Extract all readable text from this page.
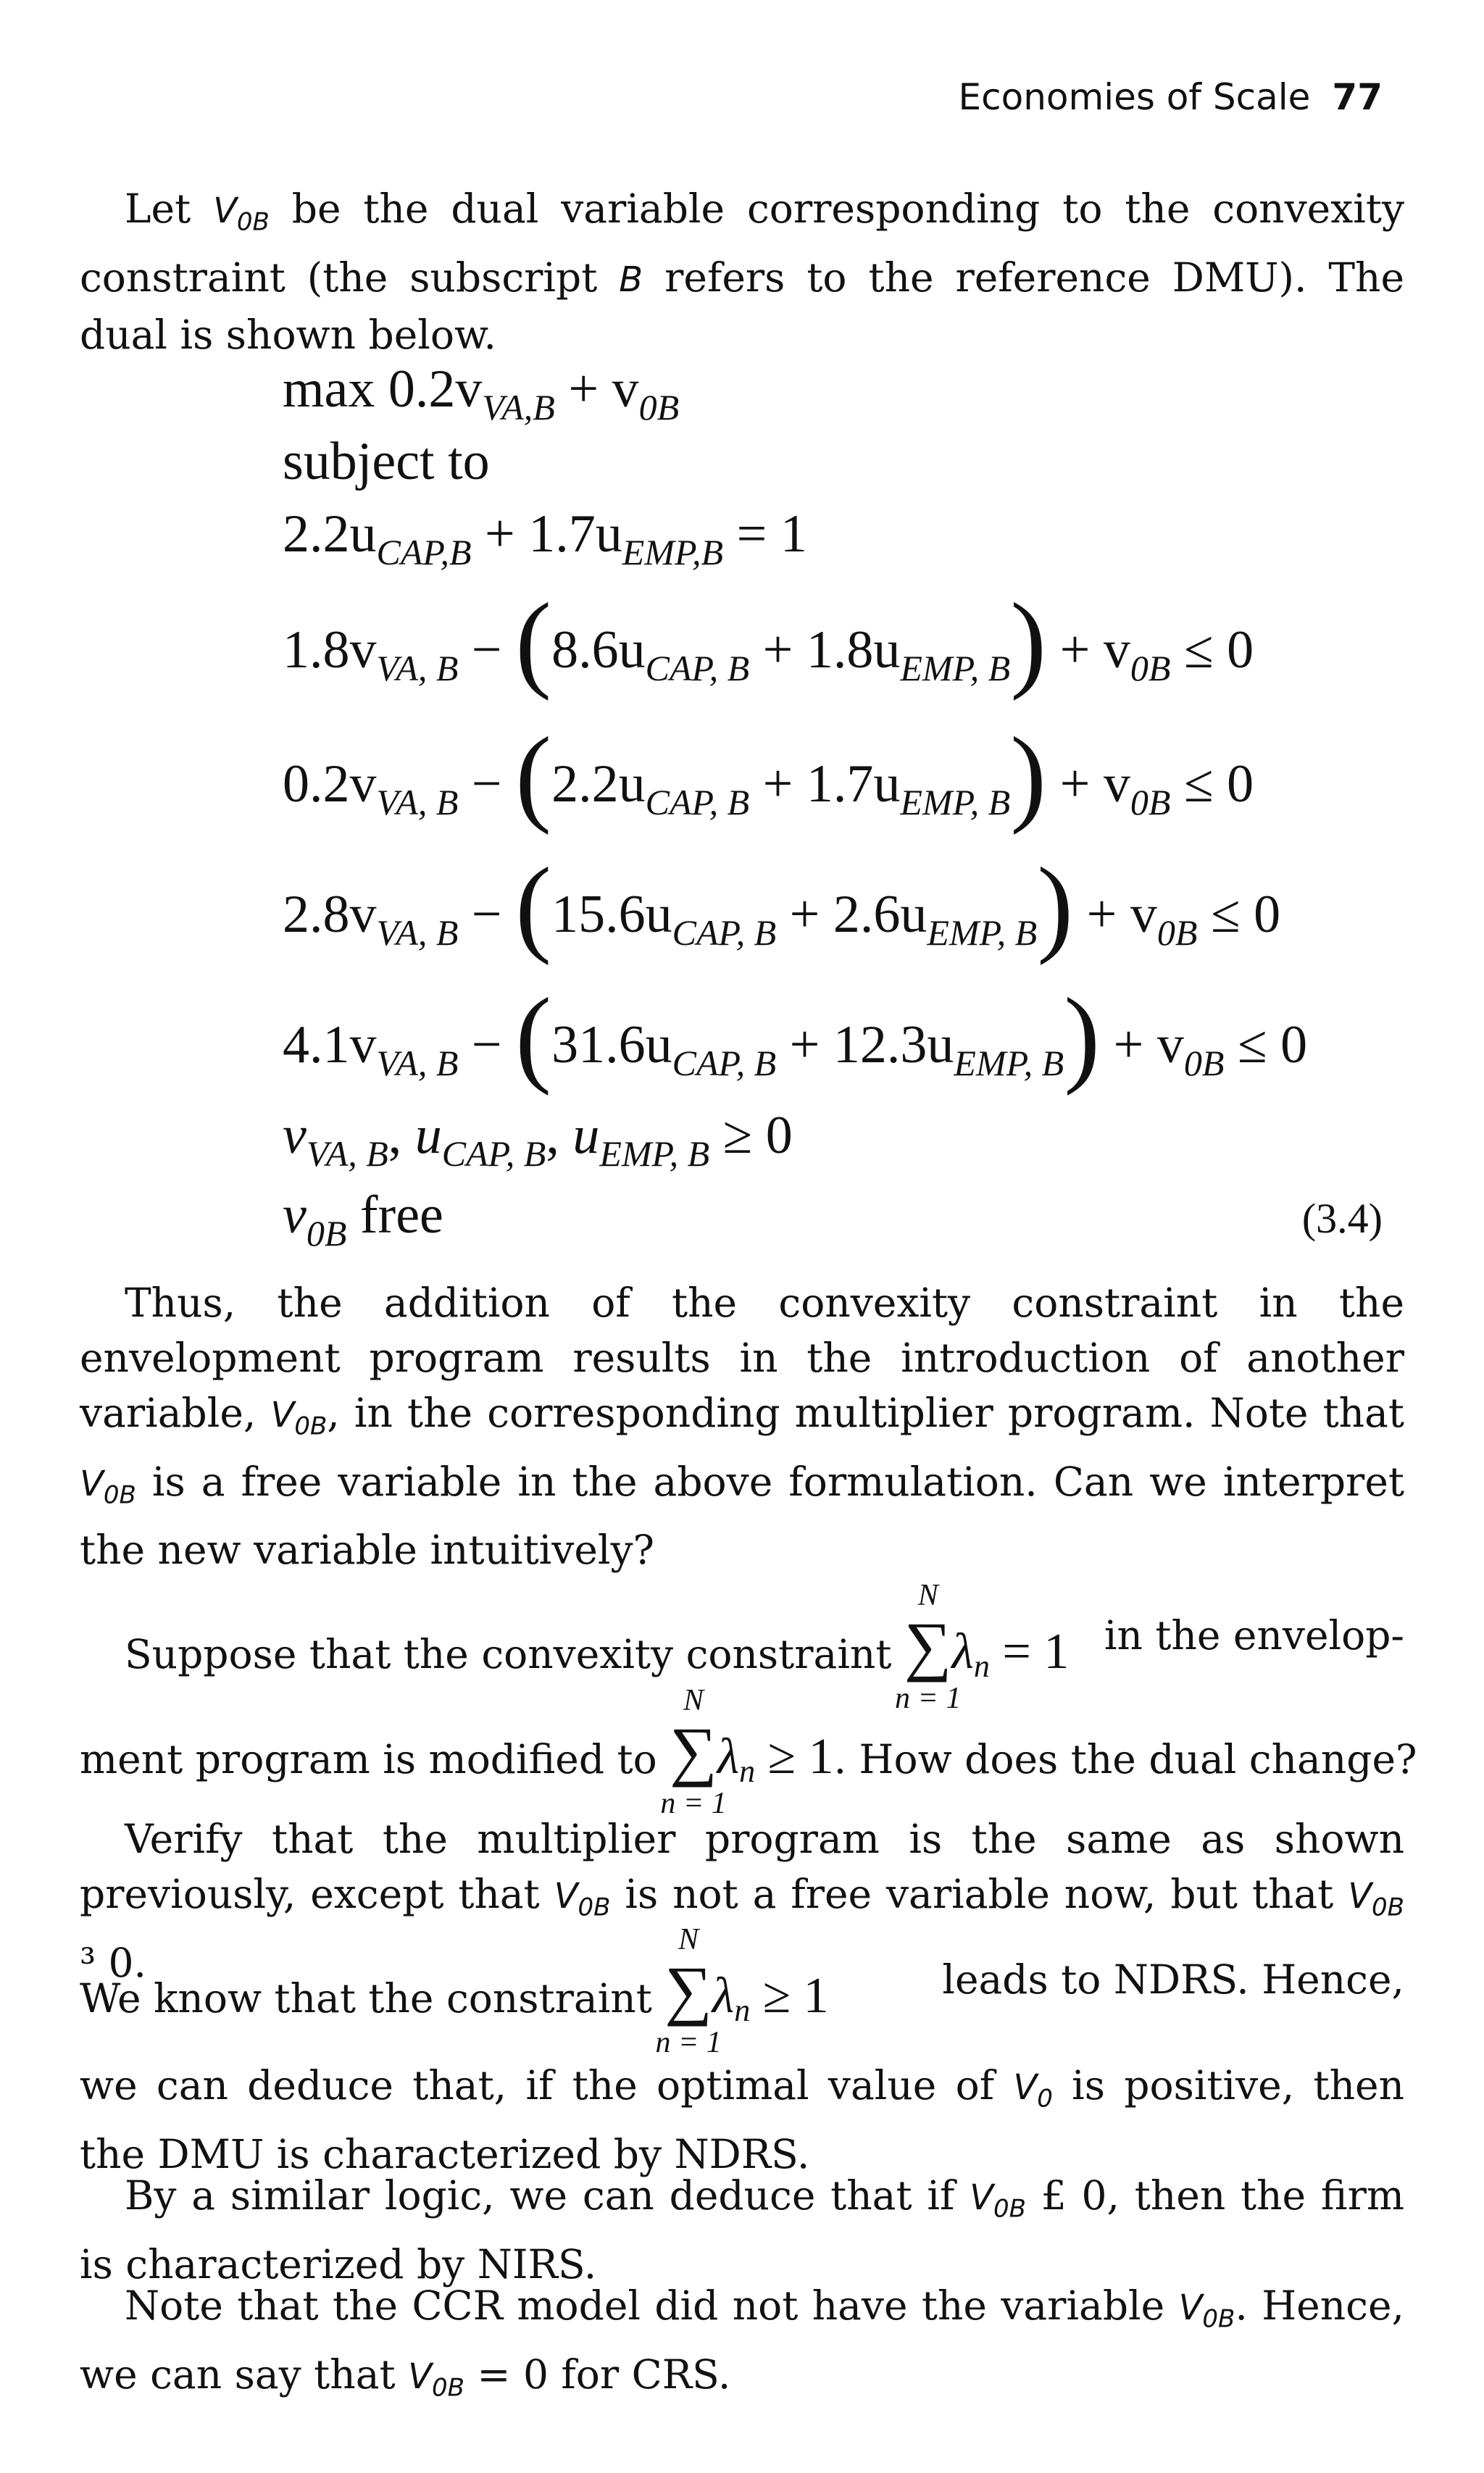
Economies of Scale 77
Let $V_{0B}$ be the dual variable corresponding to the convexity constraint (the subscript B refers to the reference DMU). The dual is shown below.
$\max 0.2v_{VA,B} + v_{0B}$
subject to
$2.2u_{CAP,B} + 1.7u_{EMP,B} = 1$
$1.8v_{VA, B} - (8.6u_{CAP, B} + 1.8u_{EMP, B}) + v_{0B} \le 0$
$0.2v_{VA, B} - (2.2u_{CAP, B} + 1.7u_{EMP, B}) + v_{0B} \le 0$
$2.8v_{VA, B} - (15.6u_{CAP, B} + 2.6u_{EMP, B}) + v_{0B} \le 0$
$4.1v_{VA, B} - (31.6u_{CAP, B} + 12.3u_{EMP, B}) + v_{0B} \le 0$
$v_{VA, B}$, $u_{CAP, B}$, $u_{EMP, B} \ge 0$
$v_{0B}$ free	(3.4)
Thus, the addition of the convexity constraint in the envelopment program results in the introduction of another variable, $V_{0B}$, in the corresponding multiplier program. Note that $V_{0B}$ is a free variable in the above formulation. Can we interpret the new variable intuitively?
Suppose that the convexity constraint ∑
N
n = 1
$\lambda_n = 1$ in the envelop-
ment program is modified to ∑
N
n = 1
$\lambda_n \ge 1$. How does the dual change?
Verify that the multiplier program is the same as shown previously, except that $V_{0B}$ is not a free variable now, but that $V_{0B}$ ³ 0.
We know that the constraint ∑
N
n = 1
$\lambda_n \ge 1$	leads to NDRS. Hence,
we can deduce that, if the optimal value of $V_0$ is positive, then the DMU is characterized by NDRS.
By a similar logic, we can deduce that if $V_{0B}$ £ 0, then the firm is characterized by NIRS.
Note that the CCR model did not have the variable $V_{0B}$. Hence, we can say that $V_{0B} = 0$ for CRS.
